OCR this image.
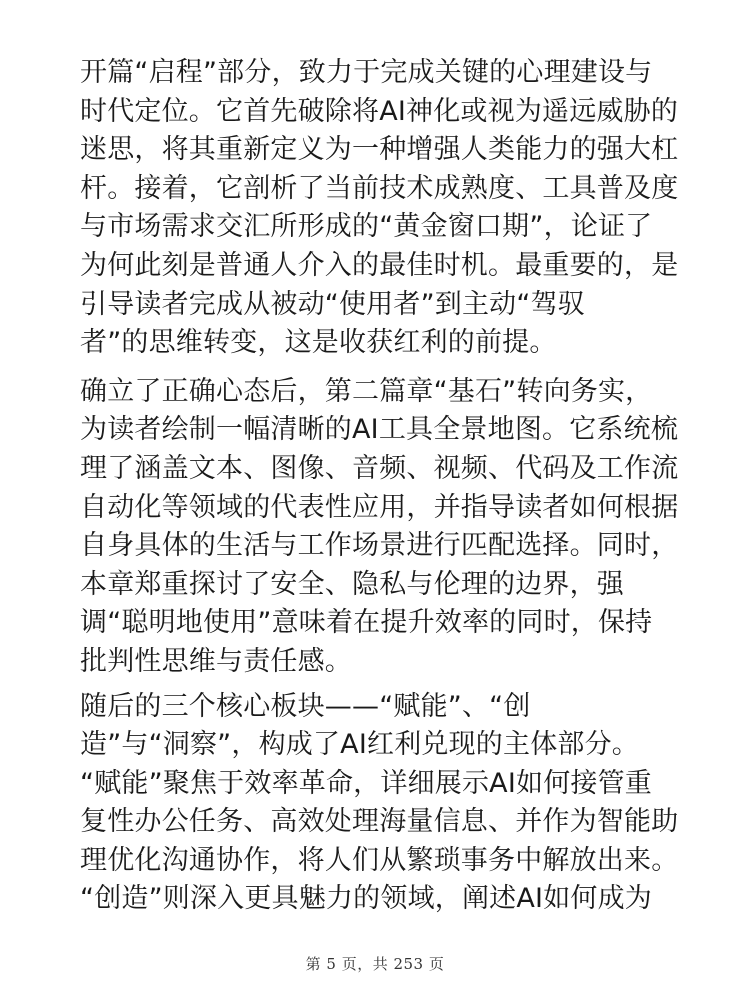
开篇“启程”部分，致力于完成关键的心理建设与
时代定位。它首先破除将AI神化或视为遥远威胁的
迷思，将其重新定义为一种增强人类能力的强大杠
杆。接着，它剖析了当前技术成熟度、工具普及度
与市场需求交汇所形成的“黄金窗口期”，论证了
为何此刻是普通人介入的最佳时机。最重要的，是
引导读者完成从被动“使用者”到主动“驾驭
者”的思维转变，这是收获红利的前提。
确立了正确心态后，第二篇章“基石”转向务实，
为读者绘制一幅清晰的AI工具全景地图。它系统梳
理了涵盖文本、图像、音频、视频、代码及工作流
自动化等领域的代表性应用，并指导读者如何根据
自身具体的生活与工作场景进行匹配选择。同时，
本章郑重探讨了安全、隐私与伦理的边界，强
调“聪明地使用”意味着在提升效率的同时，保持
批判性思维与责任感。
随后的三个核心板块——“赋能”、“创
造”与“洞察”，构成了AI红利兑现的主体部分。
“赋能”聚焦于效率革命，详细展示AI如何接管重
复性办公任务、高效处理海量信息、并作为智能助
理优化沟通协作，将人们从繁琐事务中解放出来。
“创造”则深入更具魅力的领域，阐述AI如何成为
第 5 页，共 253 页
